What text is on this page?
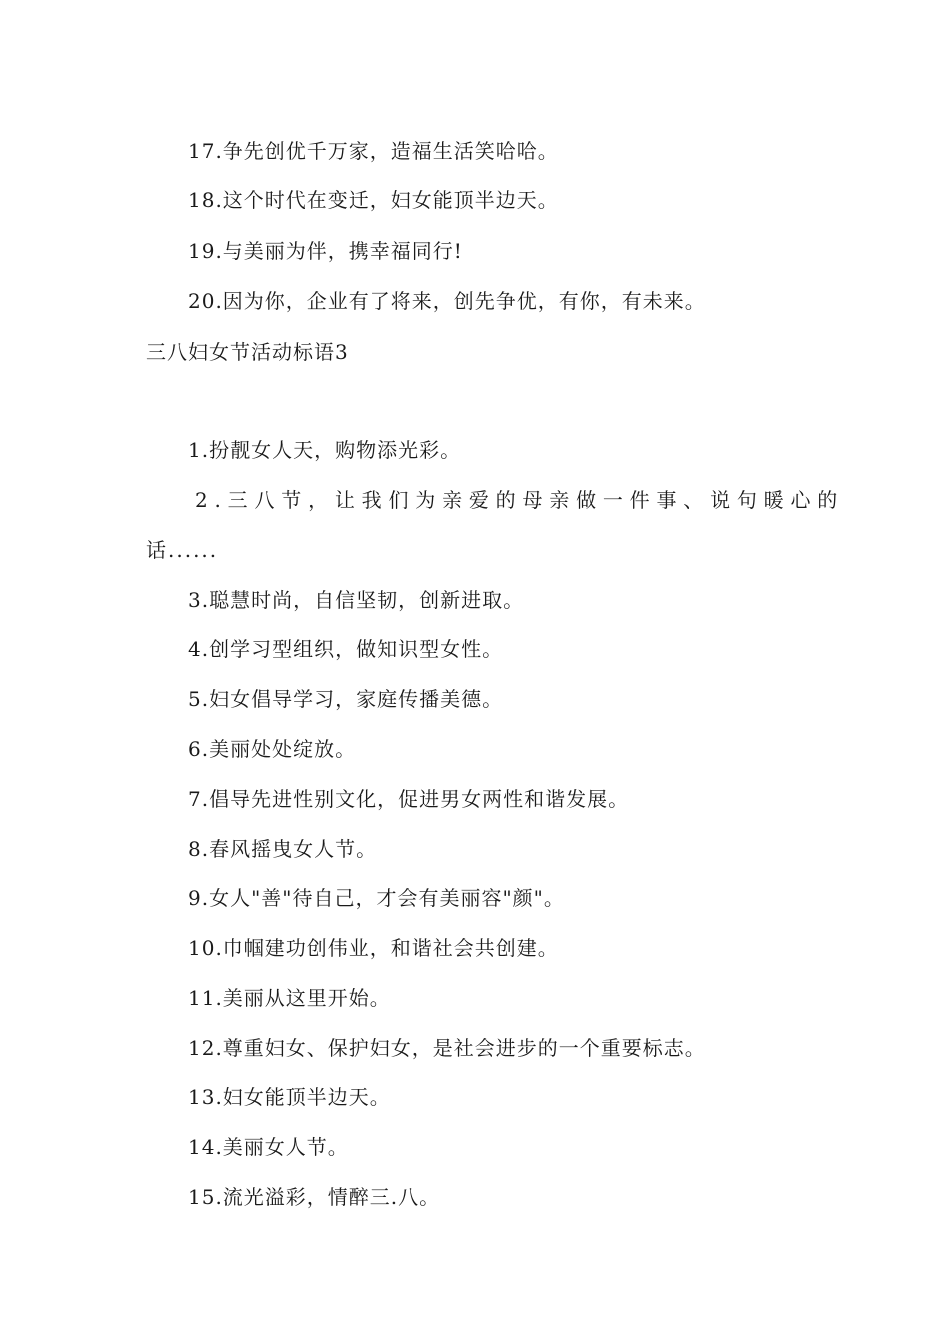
17.争先创优千万家，造福生活笑哈哈。
18.这个时代在变迁，妇女能顶半边天。
19.与美丽为伴，携幸福同行!
20.因为你，企业有了将来，创先争优，有你，有未来。
三八妇女节活动标语3
1.扮靓女人天，购物添光彩。
2.三八节，让我们为亲爱的母亲做一件事、说句暖心的
话......
3.聪慧时尚，自信坚韧，创新进取。
4.创学习型组织，做知识型女性。
5.妇女倡导学习，家庭传播美德。
6.美丽处处绽放。
7.倡导先进性别文化，促进男女两性和谐发展。
8.春风摇曳女人节。
9.女人"善"待自己，才会有美丽容"颜"。
10.巾帼建功创伟业，和谐社会共创建。
11.美丽从这里开始。
12.尊重妇女、保护妇女，是社会进步的一个重要标志。
13.妇女能顶半边天。
14.美丽女人节。
15.流光溢彩，情醉三.八。
